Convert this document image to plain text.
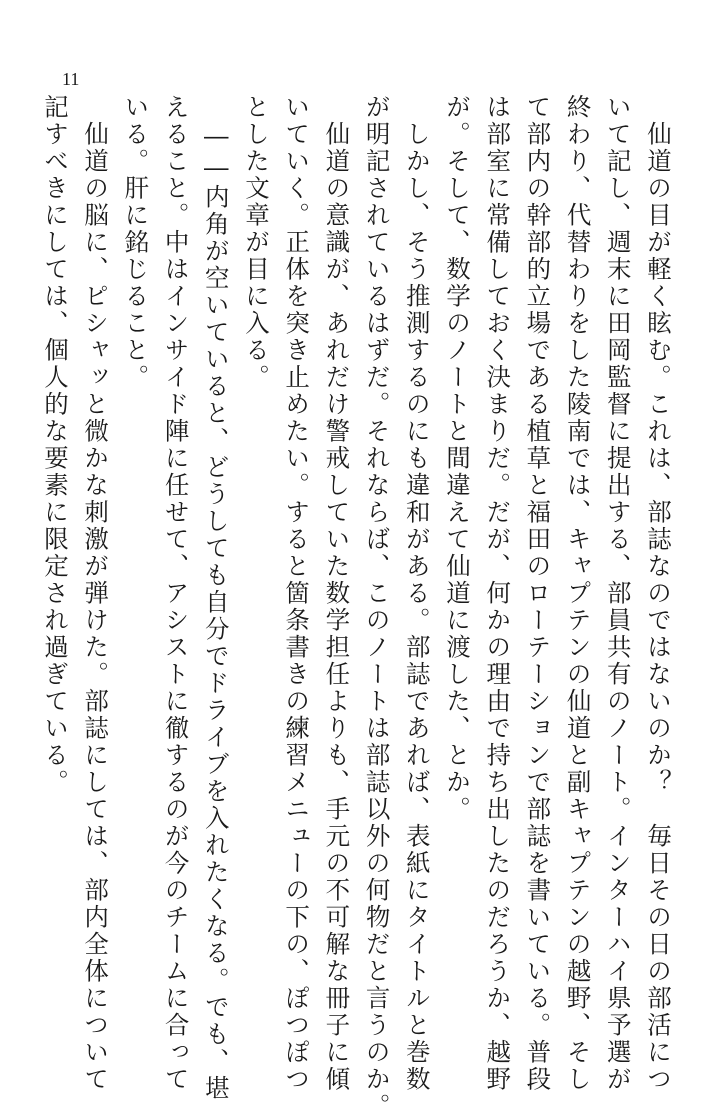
11
　仙道の目が軽く眩む。これは、部誌なのではないのか？　毎日その日の部活につ
いて記し、週末に田岡監督に提出する、部員共有のノート。インターハイ県予選が
終わり、代替わりをした陵南では、キャプテンの仙道と副キャプテンの越野、そし
て部内の幹部的立場である植草と福田のローテーションで部誌を書いている。普段
は部室に常備しておく決まりだ。だが、何かの理由で持ち出したのだろうか、越野
が。そして、数学のノートと間違えて仙道に渡した、とか。
　しかし、そう推測するのにも違和がある。部誌であれば、表紙にタイトルと巻数
が明記されているはずだ。それならば、このノートは部誌以外の何物だと言うのか。
　仙道の意識が、あれだけ警戒していた数学担任よりも、手元の不可解な冊子に傾
いていく。正体を突き止めたい。すると箇条書きの練習メニューの下の、ぽつぽつ
とした文章が目に入る。
　――内角が空いていると、どうしても自分でドライブを入れたくなる。でも、堪
えること。中はインサイド陣に任せて、アシストに徹するのが今のチームに合って
いる。肝に銘じること。
　仙道の脳に、ピシャッと微かな刺激が弾けた。部誌にしては、部内全体について
記すべきにしては、個人的な要素に限定され過ぎている。
